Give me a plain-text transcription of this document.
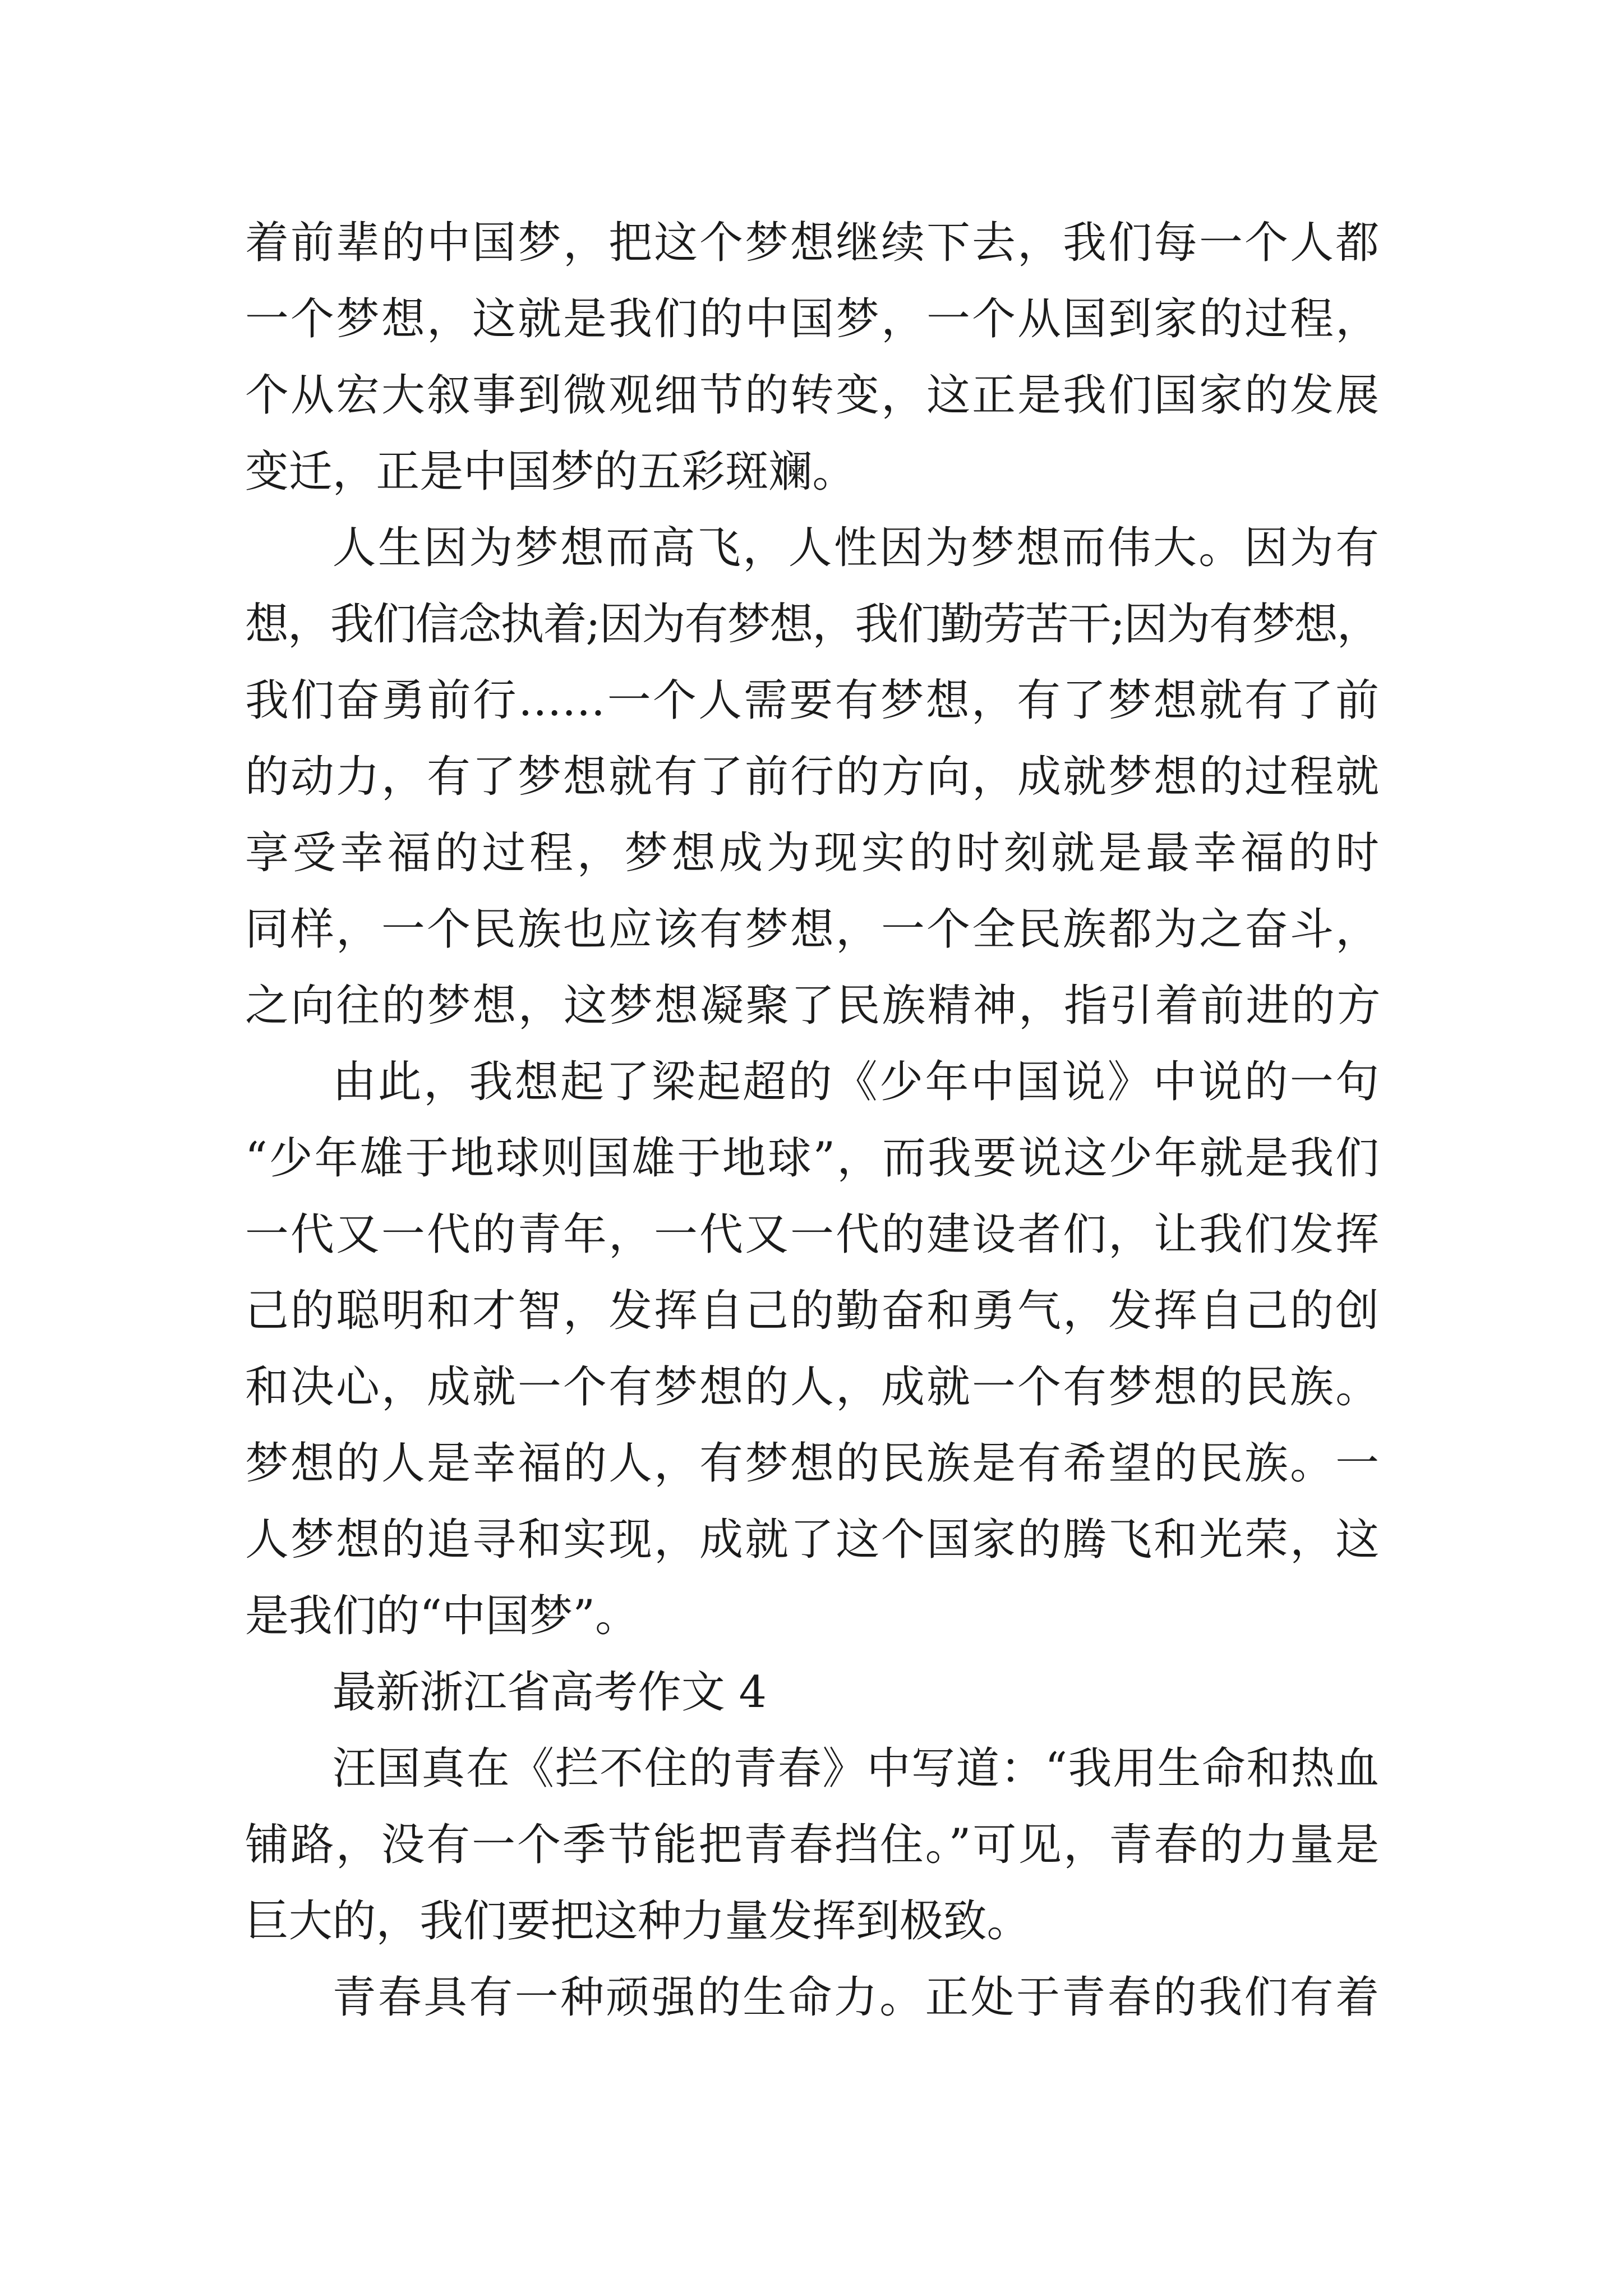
着前辈的中国梦，把这个梦想继续下去，我们每一个人都
一个梦想，这就是我们的中国梦，一个从国到家的过程，
个从宏大叙事到微观细节的转变，这正是我们国家的发展
变迁，正是中国梦的五彩斑斓。
人生因为梦想而高飞，人性因为梦想而伟大。因为有
想，我们信念执着;因为有梦想，我们勤劳苦干;因为有梦想，
我们奋勇前行……一个人需要有梦想，有了梦想就有了前
的动力，有了梦想就有了前行的方向，成就梦想的过程就
享受幸福的过程，梦想成为现实的时刻就是最幸福的时
同样，一个民族也应该有梦想，一个全民族都为之奋斗，
之向往的梦想，这梦想凝聚了民族精神，指引着前进的方
由此，我想起了梁起超的《少年中国说》中说的一句
“少年雄于地球则国雄于地球”，而我要说这少年就是我们
一代又一代的青年，一代又一代的建设者们，让我们发挥
己的聪明和才智，发挥自己的勤奋和勇气，发挥自己的创
和决心，成就一个有梦想的人，成就一个有梦想的民族。
梦想的人是幸福的人，有梦想的民族是有希望的民族。一
人梦想的追寻和实现，成就了这个国家的腾飞和光荣，这
是我们的“中国梦”。
最新浙江省高考作文 4
汪国真在《拦不住的青春》中写道：“我用生命和热血
铺路，没有一个季节能把青春挡住。”可见，青春的力量是
巨大的，我们要把这种力量发挥到极致。
青春具有一种顽强的生命力。正处于青春的我们有着
